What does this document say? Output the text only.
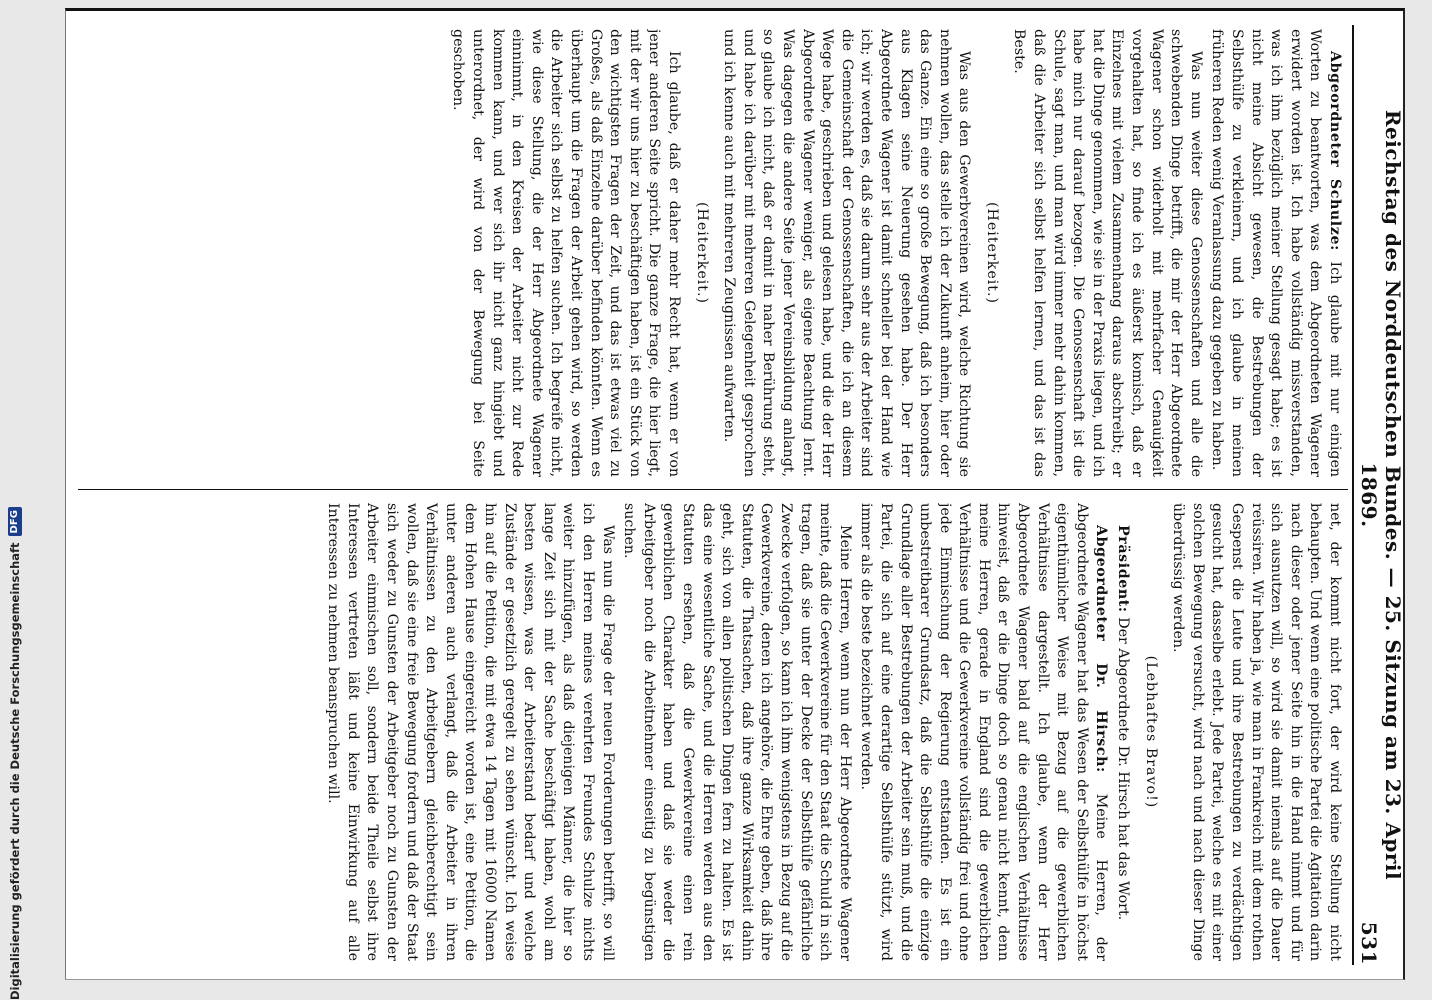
Reichstag des Norddeutschen Bundes. — 25. Sitzung am 23. April 1869.
531

Abgeordneter Schulze: Ich glaube mit nur einigen Worten zu beantworten, was dem Abgeordneten Wagener erwidert worden ist. Ich habe vollständig missverstanden, was ich ihm bezüglich meiner Stellung gesagt habe; es ist nicht meine Absicht gewesen, die Bestrebungen der Selbsthülfe zu verkleinern, und ich glaube in meinen früheren Reden wenig Veranlassung dazu gegeben zu haben.

Was nun weiter diese Genossenschaften und alle die schwebenden Dinge betrifft, die mir der Herr Abgeordnete Wagener schon widerholt mit mehrfacher Genauigkeit vorgehalten hat, so finde ich es äußerst komisch, daß er Einzelnes mit vielem Zusammenhang daraus abschreibt; er hat die Dinge genommen, wie sie in der Praxis liegen, und ich habe mich nur darauf bezogen. Die Genossenschaft ist die Schule, sagt man, und man wird immer mehr dahin kommen, daß die Arbeiter sich selbst helfen lernen, und das ist das Beste.

(Heiterkeit.)

Was aus den Gewerbvereinen wird, welche Richtung sie nehmen wollen, das stelle ich der Zukunft anheim, hier oder das Ganze. Ein eine so große Bewegung, daß ich besonders aus Klagen seine Neuerung gesehen habe. Der Herr Abgeordnete Wagener ist damit schneller bei der Hand wie ich; wir werden es, daß sie darum sehr aus der Arbeiter sind die Gemeinschaft der Genossenschaften, die ich an diesem Wege habe, geschrieben und gelesen habe, und die der Herr Abgeordnete Wagener weniger, als eigene Beachtung lernt. Was dagegen die andere Seite jener Vereinsbildung anlangt, so glaube ich nicht, daß er damit in naher Berührung steht, und habe ich darüber mit mehreren Gelegenheit gesprochen und ich kenne auch mit mehreren Zeugnissen aufwarten.

(Heiterkeit.)

Ich glaube, daß er daher mehr Recht hat, wenn er von jener anderen Seite spricht. Die ganze Frage, die hier liegt, mit der wir uns hier zu beschäftigen haben, ist ein Stück von den wichtigsten Fragen der Zeit, und das ist etwas viel zu Großes, als daß Einzelne darüber befinden könnten. Wenn es überhaupt um die Fragen der Arbeit gehen wird, so werden die Arbeiter sich selbst zu helfen suchen. Ich begreife nicht, wie diese Stellung, die der Herr Abgeordnete Wagener einnimmt, in den Kreisen der Arbeiter nicht zur Rede kommen kann, und wer sich ihr nicht ganz hingiebt und unterordnet, der wird von der Bewegung bei Seite geschoben.

net, der kommt nicht fort, der wird keine Stellung nicht behaupten. Und wenn eine politische Partei die Agitation darin nach dieser oder jener Seite hin in die Hand nimmt und für sich ausnutzen will, so wird sie damit niemals auf die Dauer reüssiren. Wir haben ja, wie man in Frankreich mit dem rothen Gespenst die Leute und ihre Bestrebungen zu verdächtigen gesucht hat, dasselbe erlebt. Jede Partei, welche es mit einer solchen Bewegung versucht, wird nach und nach dieser Dinge überdrüssig werden.

(Lebhaftes Bravo!)

Präsident: Der Abgeordnete Dr. Hirsch hat das Wort.

Abgeordneter Dr. Hirsch: Meine Herren, der Abgeordnete Wagener hat das Wesen der Selbsthülfe in höchst eigenthümlicher Weise mit Bezug auf die gewerblichen Verhältnisse dargestellt. Ich glaube, wenn der Herr Abgeordnete Wagener bald auf die englischen Verhältnisse hinweist, daß er die Dinge doch so genau nicht kennt, denn meine Herren, gerade in England sind die gewerblichen Verhältnisse und die Gewerkvereine vollständig frei und ohne jede Einmischung der Regierung entstanden. Es ist ein unbestreitbarer Grundsatz, daß die Selbsthülfe die einzige Grundlage aller Bestrebungen der Arbeiter sein muß, und die Partei, die sich auf eine derartige Selbsthülfe stützt, wird immer als die beste bezeichnet werden.

Meine Herren, wenn nun der Herr Abgeordnete Wagener meinte, daß die Gewerkvereine für den Staat die Schuld in sich tragen, daß sie unter der Decke der Selbsthülfe gefährliche Zwecke verfolgen, so kann ich ihm wenigstens in Bezug auf die Gewerkvereine, denen ich angehöre, die Ehre geben, daß ihre Statuten, die Thatsachen, daß ihre ganze Wirksamkeit dahin geht, sich von allen politischen Dingen fern zu halten. Es ist das eine wesentliche Sache, und die Herren werden aus den Statuten ersehen, daß die Gewerkvereine einen rein gewerblichen Charakter haben und daß sie weder die Arbeitgeber noch die Arbeitnehmer einseitig zu begünstigen suchen.

Was nun die Frage der neuen Forderungen betrifft, so will ich den Herren meines verehrten Freundes Schulze nichts weiter hinzufügen, als daß diejenigen Männer, die hier so lange Zeit sich mit der Sache beschäftigt haben, wohl am besten wissen, was der Arbeiterstand bedarf und welche Zustände er gesetzlich geregelt zu sehen wünscht. Ich weise hin auf die Petition, die mit etwa 14 Tagen mit 16000 Namen dem Hohen Hause eingereicht worden ist, eine Petition, die unter anderen auch verlangt, daß die Arbeiter in ihren Verhältnissen zu den Arbeitgebern gleichberechtigt sein wollen, daß sie eine freie Bewegung fordern und daß der Staat sich weder zu Gunsten der Arbeitgeber noch zu Gunsten der Arbeiter einmischen soll, sondern beide Theile selbst ihre Interessen vertreten läßt und keine Einwirkung auf alle Interessen zu nehmen beanspruchen will.

Digitalisierung gefördert durch die Deutsche Forschungsgemeinschaft
DFG
